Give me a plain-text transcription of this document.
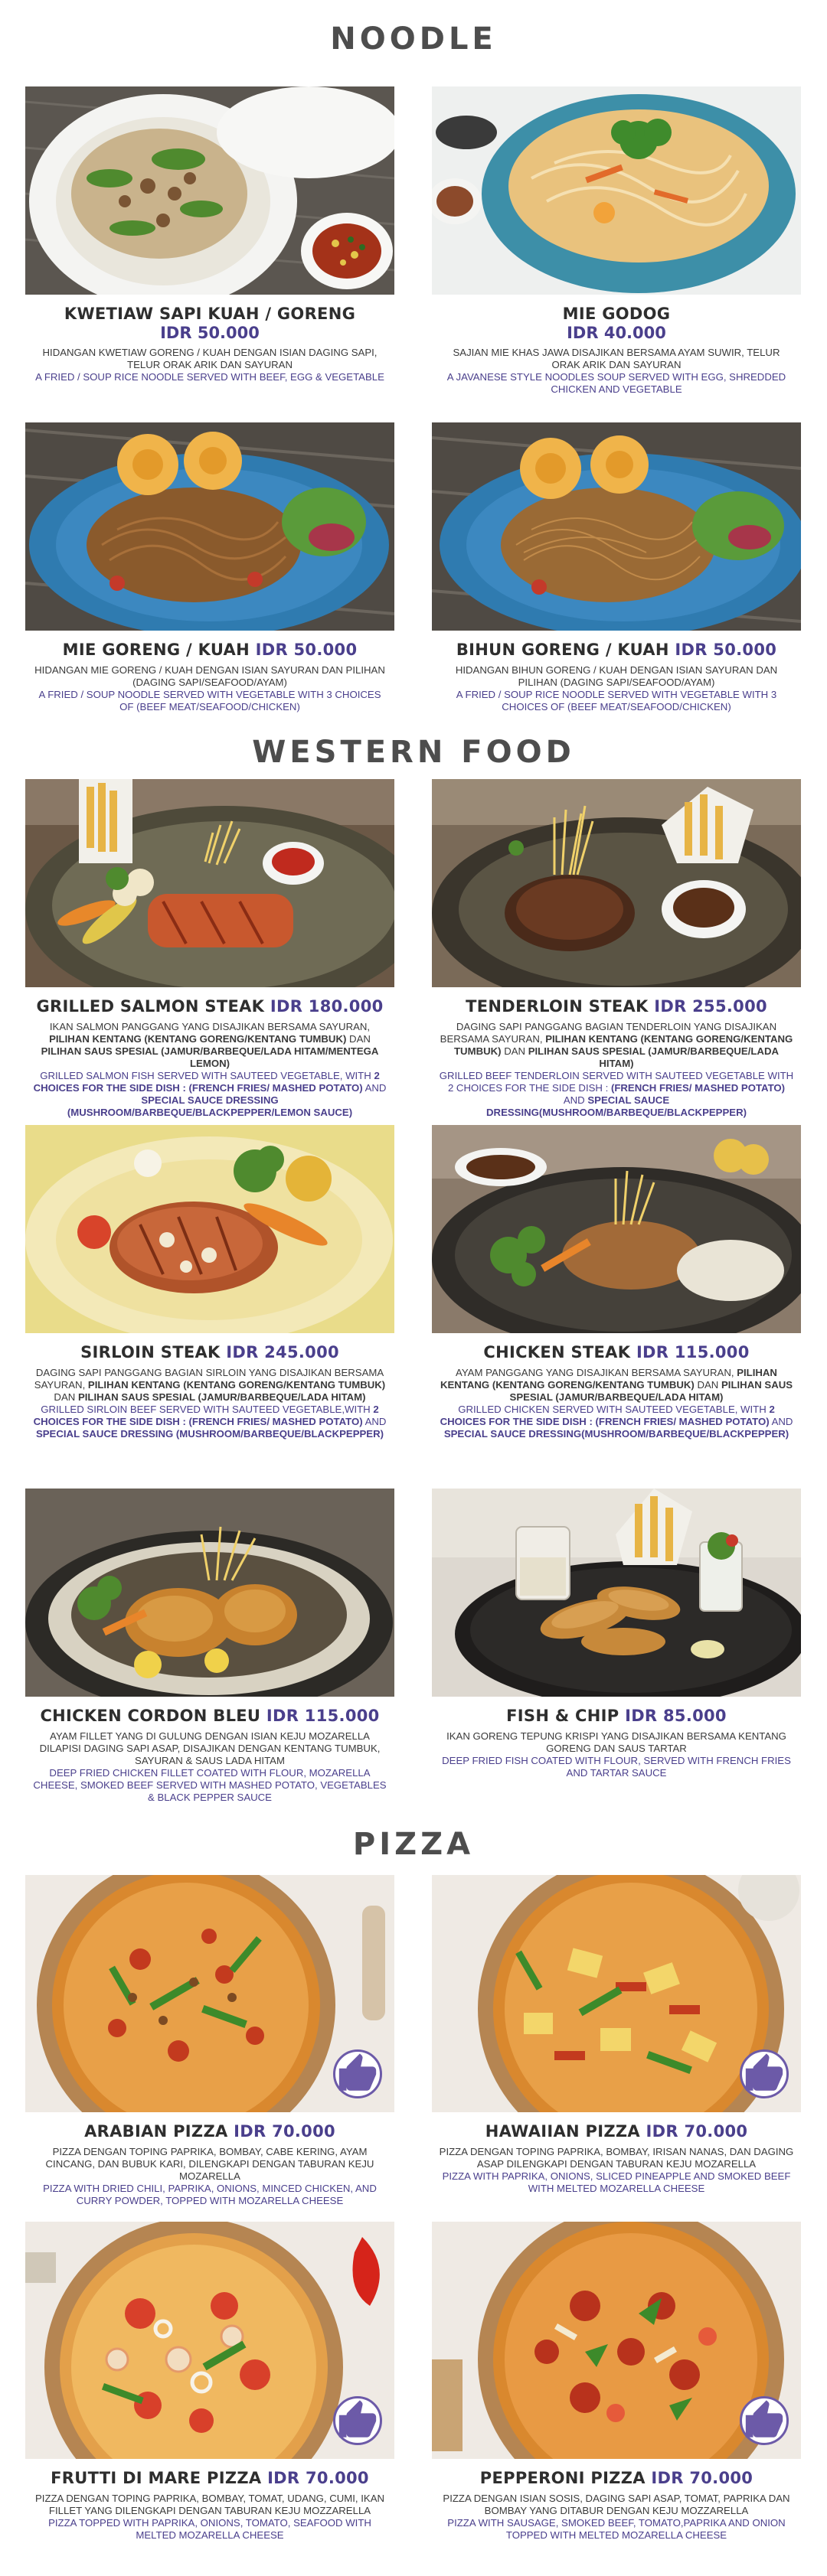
NOODLE
KWETIAW SAPI KUAH / GORENG
IDR 50.000
HIDANGAN KWETIAW GORENG / KUAH DENGAN ISIAN DAGING SAPI, TELUR ORAK ARIK DAN SAYURAN
A FRIED / SOUP RICE NOODLE SERVED WITH BEEF, EGG & VEGETABLE
MIE GODOG
IDR 40.000
SAJIAN MIE KHAS JAWA DISAJIKAN BERSAMA AYAM SUWIR, TELUR ORAK ARIK DAN SAYURAN
A JAVANESE STYLE NOODLES SOUP SERVED WITH EGG, SHREDDED CHICKEN AND VEGETABLE
MIE GORENG / KUAH IDR 50.000
HIDANGAN MIE GORENG / KUAH DENGAN ISIAN SAYURAN DAN PILIHAN (DAGING SAPI/SEAFOOD/AYAM)
A FRIED / SOUP NOODLE SERVED WITH VEGETABLE WITH 3 CHOICES OF (BEEF MEAT/SEAFOOD/CHICKEN)
BIHUN GORENG / KUAH IDR 50.000
HIDANGAN BIHUN GORENG / KUAH DENGAN ISIAN SAYURAN DAN PILIHAN (DAGING SAPI/SEAFOOD/AYAM)
A FRIED / SOUP RICE NOODLE SERVED WITH VEGETABLE WITH 3 CHOICES OF (BEEF MEAT/SEAFOOD/CHICKEN)
WESTERN FOOD
GRILLED SALMON STEAK IDR 180.000
IKAN SALMON PANGGANG YANG DISAJIKAN BERSAMA SAYURAN, PILIHAN KENTANG (KENTANG GORENG/KENTANG TUMBUK) DAN PILIHAN SAUS SPESIAL (JAMUR/BARBEQUE/LADA HITAM/MENTEGA LEMON)
GRILLED SALMON FISH SERVED WITH SAUTEED VEGETABLE, WITH 2 CHOICES FOR THE SIDE DISH : (FRENCH FRIES/ MASHED POTATO) AND SPECIAL SAUCE DRESSING (MUSHROOM/BARBEQUE/BLACKPEPPER/LEMON SAUCE)
TENDERLOIN STEAK IDR 255.000
DAGING SAPI PANGGANG BAGIAN TENDERLOIN YANG DISAJIKAN BERSAMA SAYURAN, PILIHAN KENTANG (KENTANG GORENG/KENTANG TUMBUK) DAN PILIHAN SAUS SPESIAL (JAMUR/BARBEQUE/LADA HITAM)
GRILLED BEEF TENDERLOIN SERVED WITH SAUTEED VEGETABLE WITH 2 CHOICES FOR THE SIDE DISH : (FRENCH FRIES/ MASHED POTATO) AND SPECIAL SAUCE DRESSING(MUSHROOM/BARBEQUE/BLACKPEPPER)
SIRLOIN STEAK IDR 245.000
DAGING SAPI PANGGANG BAGIAN SIRLOIN YANG DISAJIKAN BERSAMA SAYURAN, PILIHAN KENTANG (KENTANG GORENG/KENTANG TUMBUK) DAN PILIHAN SAUS SPESIAL (JAMUR/BARBEQUE/LADA HITAM)
GRILLED SIRLOIN BEEF SERVED WITH SAUTEED VEGETABLE,WITH 2 CHOICES FOR THE SIDE DISH : (FRENCH FRIES/ MASHED POTATO) AND SPECIAL SAUCE DRESSING (MUSHROOM/BARBEQUE/BLACKPEPPER)
CHICKEN STEAK IDR 115.000
AYAM PANGGANG YANG DISAJIKAN BERSAMA SAYURAN, PILIHAN KENTANG (KENTANG GORENG/KENTANG TUMBUK) DAN PILIHAN SAUS SPESIAL (JAMUR/BARBEQUE/LADA HITAM)
GRILLED CHICKEN SERVED WITH SAUTEED VEGETABLE, WITH 2 CHOICES FOR THE SIDE DISH : (FRENCH FRIES/ MASHED POTATO) AND SPECIAL SAUCE DRESSING(MUSHROOM/BARBEQUE/BLACKPEPPER)
CHICKEN CORDON BLEU IDR 115.000
AYAM FILLET YANG DI GULUNG DENGAN ISIAN KEJU MOZARELLA DILAPISI DAGING SAPI ASAP, DISAJIKAN DENGAN KENTANG TUMBUK, SAYURAN & SAUS LADA HITAM
DEEP FRIED CHICKEN FILLET COATED WITH FLOUR, MOZARELLA CHEESE, SMOKED BEEF SERVED WITH MASHED POTATO, VEGETABLES & BLACK PEPPER SAUCE
FISH & CHIP IDR 85.000
IKAN GORENG TEPUNG KRISPI YANG DISAJIKAN BERSAMA KENTANG GORENG DAN SAUS TARTAR
DEEP FRIED FISH COATED WITH FLOUR, SERVED WITH FRENCH FRIES AND TARTAR SAUCE
PIZZA
ARABIAN PIZZA IDR 70.000
PIZZA DENGAN TOPING PAPRIKA, BOMBAY, CABE KERING, AYAM CINCANG, DAN BUBUK KARI, DILENGKAPI DENGAN TABURAN KEJU MOZARELLA
PIZZA WITH DRIED CHILI, PAPRIKA, ONIONS, MINCED CHICKEN, AND CURRY POWDER, TOPPED WITH MOZARELLA CHEESE
HAWAIIAN PIZZA IDR 70.000
PIZZA DENGAN TOPING PAPRIKA, BOMBAY, IRISAN NANAS, DAN DAGING ASAP DILENGKAPI DENGAN TABURAN KEJU MOZARELLA
PIZZA WITH PAPRIKA, ONIONS, SLICED PINEAPPLE AND SMOKED BEEF WITH MELTED MOZARELLA CHEESE
FRUTTI DI MARE PIZZA IDR 70.000
PIZZA DENGAN TOPING PAPRIKA, BOMBAY, TOMAT, UDANG, CUMI, IKAN FILLET YANG DILENGKAPI DENGAN TABURAN KEJU MOZZARELLA
PIZZA TOPPED WITH PAPRIKA, ONIONS, TOMATO, SEAFOOD WITH MELTED MOZARELLA CHEESE
PEPPERONI PIZZA IDR 70.000
PIZZA DENGAN ISIAN SOSIS, DAGING SAPI ASAP, TOMAT, PAPRIKA DAN BOMBAY YANG DITABUR DENGAN KEJU MOZZARELLA
PIZZA WITH SAUSAGE, SMOKED BEEF, TOMATO,PAPRIKA AND ONION TOPPED WITH MELTED MOZARELLA CHEESE
